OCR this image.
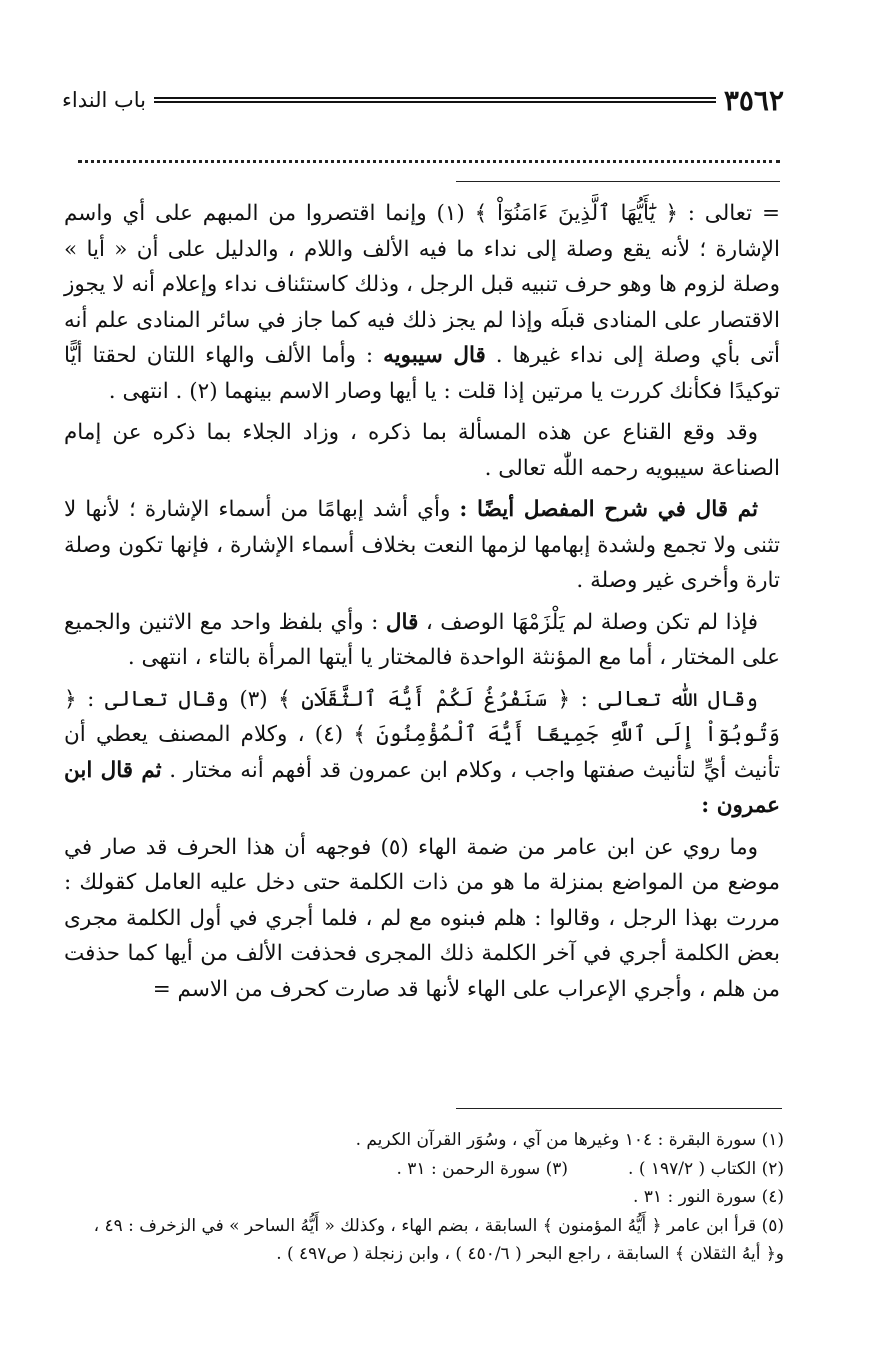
٣٥٦٢
باب النداء

= تعالى : ﴿ يَٰٓأَيُّهَا ٱلَّذِينَ ءَامَنُوٓاْ ﴾ (١) وإنما اقتصروا من المبهم على أي واسم الإشارة ؛ لأنه يقع وصلة إلى نداء ما فيه الألف واللام ، والدليل على أن « أيا » وصلة لزوم ها وهو حرف تنبيه قبل الرجل ، وذلك كاستئناف نداء وإعلام أنه لا يجوز الاقتصار على المنادى قبلَه وإذا لم يجز ذلك فيه كما جاز في سائر المنادى علم أنه أتى بأي وصلة إلى نداء غيرها . قال سيبويه : وأما الألف والهاء اللتان لحقتا أيًّا توكيدًا فكأنك كررت يا مرتين إذا قلت : يا أيها وصار الاسم بينهما (٢) . انتهى .

وقد وقع القناع عن هذه المسألة بما ذكره ، وزاد الجلاء بما ذكره عن إمام الصناعة سيبويه رحمه اللّٰه تعالى .

ثم قال في شرح المفصل أيضًا : وأي أشد إبهامًا من أسماء الإشارة ؛ لأنها لا تثنى ولا تجمع ولشدة إبهامها لزمها النعت بخلاف أسماء الإشارة ، فإنها تكون وصلة تارة وأخرى غير وصلة .

فإذا لم تكن وصلة لم يَلْزَمْهَا الوصف ، قال : وأي بلفظ واحد مع الاثنين والجميع على المختار ، أما مع المؤنثة الواحدة فالمختار يا أيتها المرأة بالتاء ، انتهى .

وقال اللّٰه تعالى : ﴿ سَنَفْرُغُ لَكُمْ أَيُّهَ ٱلثَّقَلَانِ ﴾ (٣) وقال تعالى : ﴿ وَتُوبُوٓاْ إِلَى ٱللَّهِ جَمِيعًا أَيُّهَ ٱلْمُؤْمِنُونَ ﴾ (٤) ، وكلام المصنف يعطي أن تأنيث أيٍّ لتأنيث صفتها واجب ، وكلام ابن عمرون قد أفهم أنه مختار . ثم قال ابن عمرون :

وما روي عن ابن عامر من ضمة الهاء (٥) فوجهه أن هذا الحرف قد صار في موضع من المواضع بمنزلة ما هو من ذات الكلمة حتى دخل عليه العامل كقولك : مررت بهذا الرجل ، وقالوا : هلم فبنوه مع لم ، فلما أجري في أول الكلمة مجرى بعض الكلمة أجري في آخر الكلمة ذلك المجرى فحذفت الألف من أيها كما حذفت من هلم ، وأجري الإعراب على الهاء لأنها قد صارت كحرف من الاسم =

(١) سورة البقرة : ١٠٤ وغيرها من آي ، وسُوَر القرآن الكريم .
(٢) الكتاب ( ١٩٧/٢ ) .
(٣) سورة الرحمن : ٣١ .
(٤) سورة النور : ٣١ .
(٥) قرأ ابن عامر ﴿ أَيُّهُ المؤمنون ﴾ السابقة ، بضم الهاء ، وكذلك « أَيُّهُ الساحر » في الزخرف : ٤٩ ،
و﴿ أيهُ الثقلان ﴾ السابقة ، راجع البحر ( ٤٥٠/٦ ) ، وابن زنجلة ( ص٤٩٧ ) .
